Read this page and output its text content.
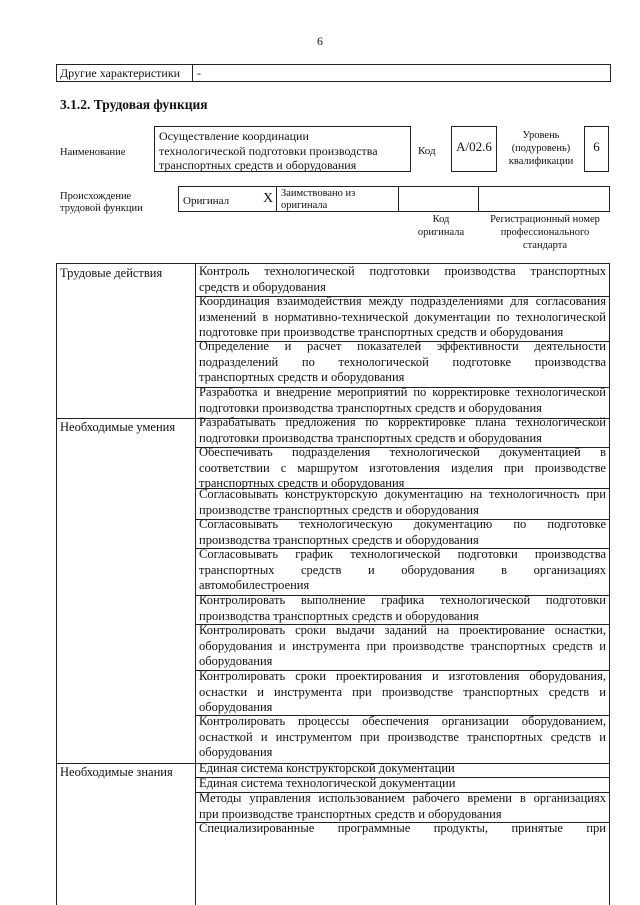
6
Другие характеристики	-
3.1.2. Трудовая функция
Наименование
Осуществление координации
технологической подготовки производства
транспортных средств и оборудования
Код	A/02.6
Уровень
(подуровень)
квалификации
6
Происхождение
трудовой функции
Оригинал X Заимствовано из
оригинала
Код
оригинала
Регистрационный номер
профессионального
стандарта
Трудовые действия
Необходимые умения
Необходимые знания
Контроль технологической подготовки производства транспортных
средств и оборудования
Координация взаимодействия между подразделениями для согласования
изменений в нормативно-технической документации по технологической
подготовке при производстве транспортных средств и оборудования
Определение и расчет показателей эффективности деятельности
подразделений по технологической подготовке производства
транспортных средств и оборудования
Разработка и внедрение мероприятий по корректировке технологической
подготовки производства транспортных средств и оборудования
Разрабатывать предложения по корректировке плана технологической
подготовки производства транспортных средств и оборудования
Обеспечивать подразделения технологической документацией в
соответствии с маршрутом изготовления изделия при производстве
транспортных средств и оборудования
Согласовывать конструкторскую документацию на технологичность при
производстве транспортных средств и оборудования
Согласовывать технологическую документацию по подготовке
производства транспортных средств и оборудования
Согласовывать график технологической подготовки производства
транспортных средств и оборудования в организациях
автомобилестроения
Контролировать выполнение графика технологической подготовки
производства транспортных средств и оборудования
Контролировать сроки выдачи заданий на проектирование оснастки,
оборудования и инструмента при производстве транспортных средств и
оборудования
Контролировать сроки проектирования и изготовления оборудования,
оснастки и инструмента при производстве транспортных средств и
оборудования
Контролировать процессы обеспечения организации оборудованием,
оснасткой и инструментом при производстве транспортных средств и
оборудования
Единая система конструкторской документации
Единая система технологической документации
Методы управления использованием рабочего времени в организациях
при производстве транспортных средств и оборудования
Специализированные программные продукты, принятые при
